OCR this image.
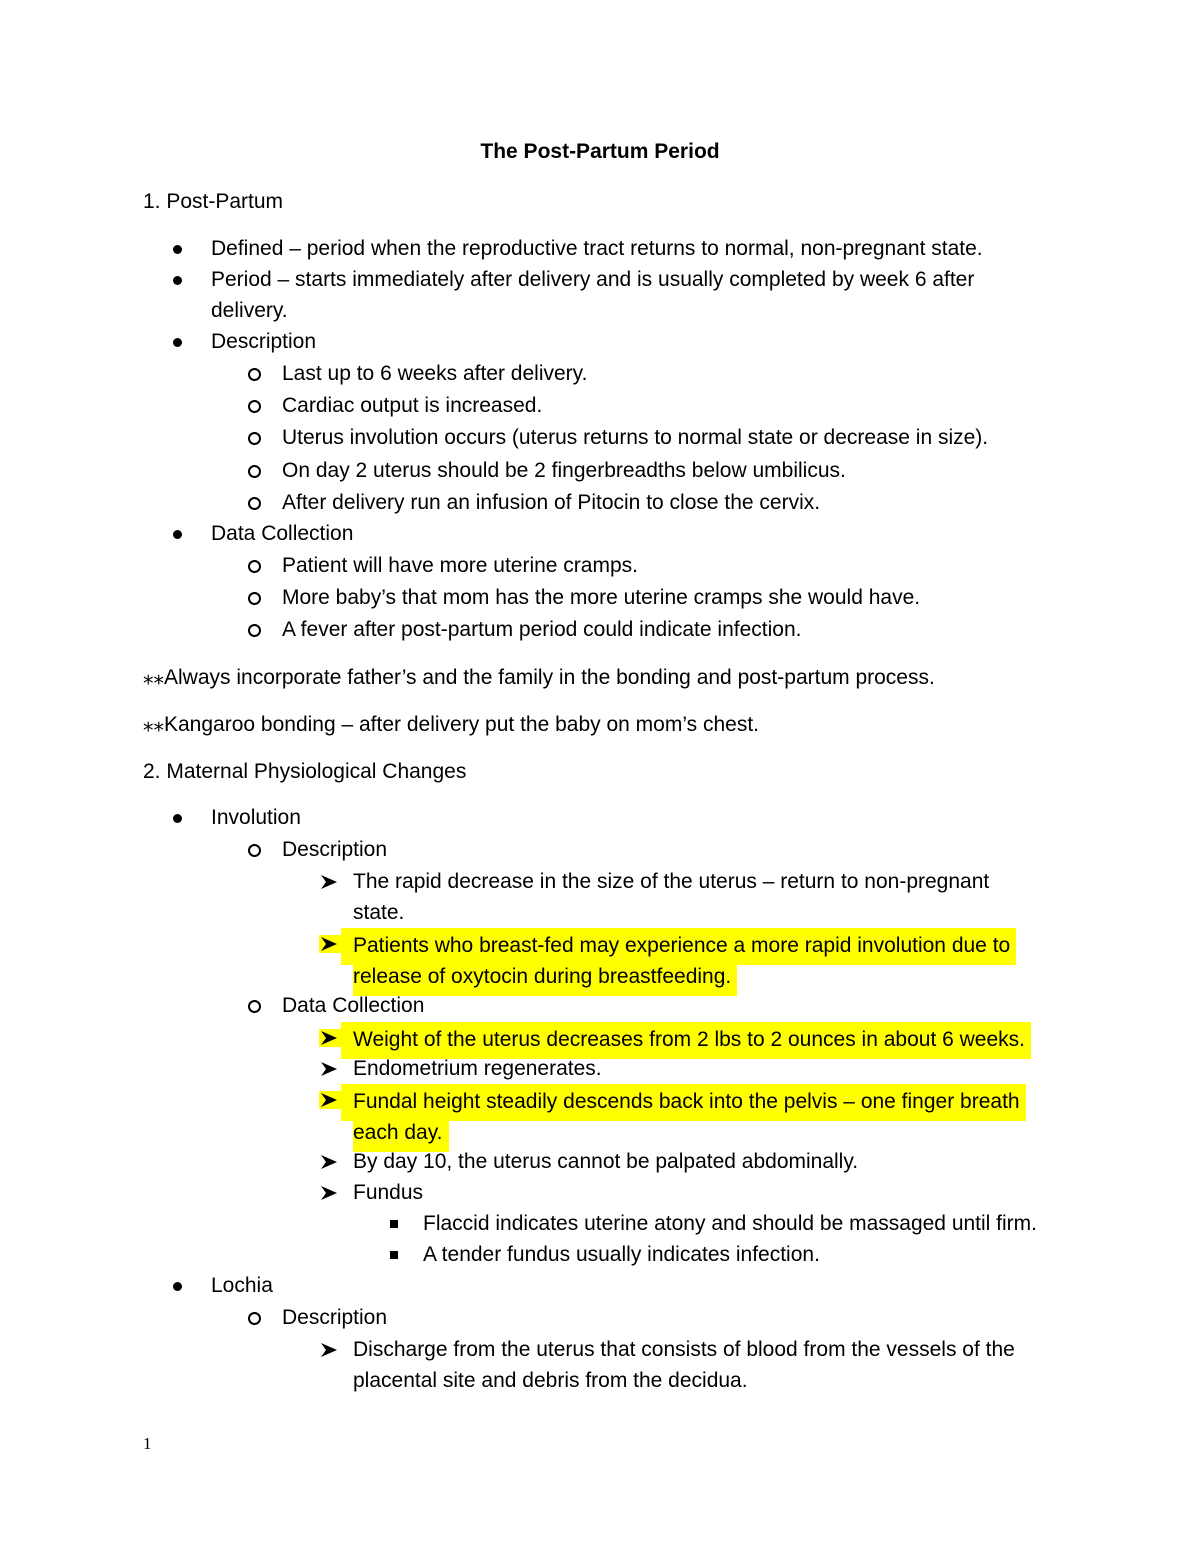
The Post-Partum Period
1. Post-Partum
Defined – period when the reproductive tract returns to normal, non-pregnant state.
Period – starts immediately after delivery and is usually completed by week 6 after
delivery.
Description
Last up to 6 weeks after delivery.
Cardiac output is increased.
Uterus involution occurs (uterus returns to normal state or decrease in size).
On day 2 uterus should be 2 fingerbreadths below umbilicus.
After delivery run an infusion of Pitocin to close the cervix.
Data Collection
Patient will have more uterine cramps.
More baby’s that mom has the more uterine cramps she would have.
A fever after post-partum period could indicate infection.
⁎⁎Always incorporate father’s and the family in the bonding and post-partum process.
⁎⁎Kangaroo bonding – after delivery put the baby on mom’s chest.
2. Maternal Physiological Changes
Involution
Description
The rapid decrease in the size of the uterus – return to non-pregnant
state.
Patients who breast-fed may experience a more rapid involution due to
release of oxytocin during breastfeeding.
Data Collection
Weight of the uterus decreases from 2 lbs to 2 ounces in about 6 weeks.
Endometrium regenerates.
Fundal height steadily descends back into the pelvis – one finger breath
each day.
By day 10, the uterus cannot be palpated abdominally.
Fundus
Flaccid indicates uterine atony and should be massaged until firm.
A tender fundus usually indicates infection.
Lochia
Description
Discharge from the uterus that consists of blood from the vessels of the
placental site and debris from the decidua.
1
